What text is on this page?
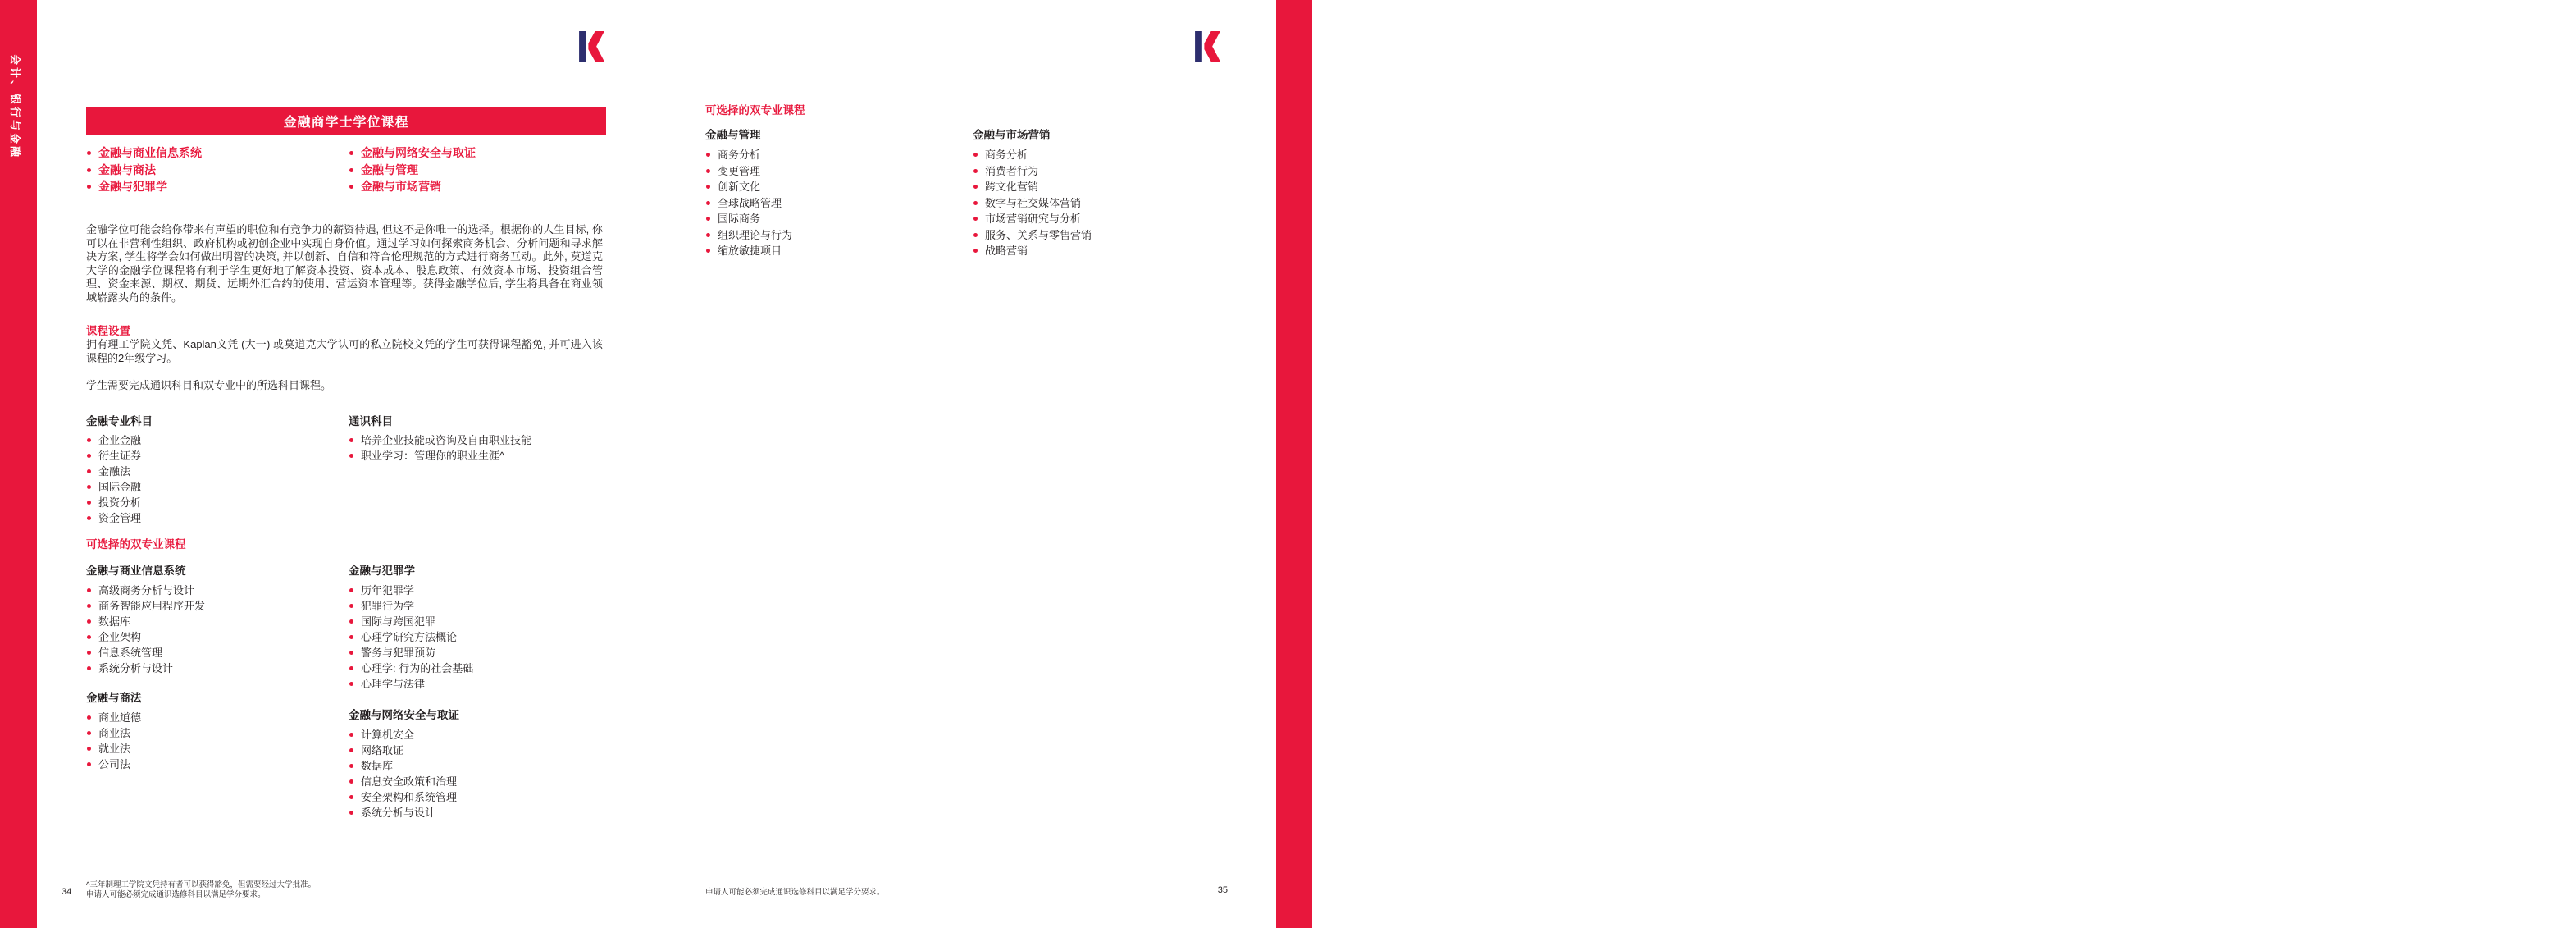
会计、银行与金融	会计、银行与金融
金融商学士学位课程
金融与商业信息系统
金融与商法
金融与犯罪学
金融与网络安全与取证
金融与管理
金融与市场营销
金融学位可能会给你带来有声望的职位和有竞争力的薪资待遇, 但这不是你唯一的选择。根据你的人生目标, 你可以在非营利性组织、政府机构或初创企业中实现自身价值。通过学习如何探索商务机会、分析问题和寻求解决方案, 学生将学会如何做出明智的决策, 并以创新、自信和符合伦理规范的方式进行商务互动。此外, 莫道克大学的金融学位课程将有利于学生更好地了解资本投资、资本成本、股息政策、有效资本市场、投资组合管理、资金来源、期权、期货、远期外汇合约的使用、营运资本管理等。获得金融学位后, 学生将具备在商业领域崭露头角的条件。
课程设置
拥有理工学院文凭、Kaplan文凭 (大一) 或莫道克大学认可的私立院校文凭的学生可获得课程豁免, 并可进入该课程的2年级学习。
学生需要完成通识科目和双专业中的所选科目课程。
金融专业科目
企业金融
衍生证券
金融法
国际金融
投资分析
资金管理
通识科目
培养企业技能或咨询及自由职业技能
职业学习：管理你的职业生涯^
可选择的双专业课程
金融与商业信息系统
高级商务分析与设计
商务智能应用程序开发
数据库
企业架构
信息系统管理
系统分析与设计
金融与商法
商业道德
商业法
就业法
公司法
金融与犯罪学
历年犯罪学
犯罪行为学
国际与跨国犯罪
心理学研究方法概论
警务与犯罪预防
心理学: 行为的社会基础
心理学与法律
金融与网络安全与取证
计算机安全
网络取证
数据库
信息安全政策和治理
安全架构和系统管理
系统分析与设计
^三年制理工学院文凭持有者可以获得豁免，但需要经过大学批准。
申请人可能必须完成通识选修科目以满足学分要求。
34
可选择的双专业课程
金融与管理
商务分析
变更管理
创新文化
全球战略管理
国际商务
组织理论与行为
缩放敏捷项目
金融与市场营销
商务分析
消费者行为
跨文化营销
数字与社交媒体营销
市场营销研究与分析
服务、关系与零售营销
战略营销
申请人可能必须完成通识选修科目以满足学分要求。	35
